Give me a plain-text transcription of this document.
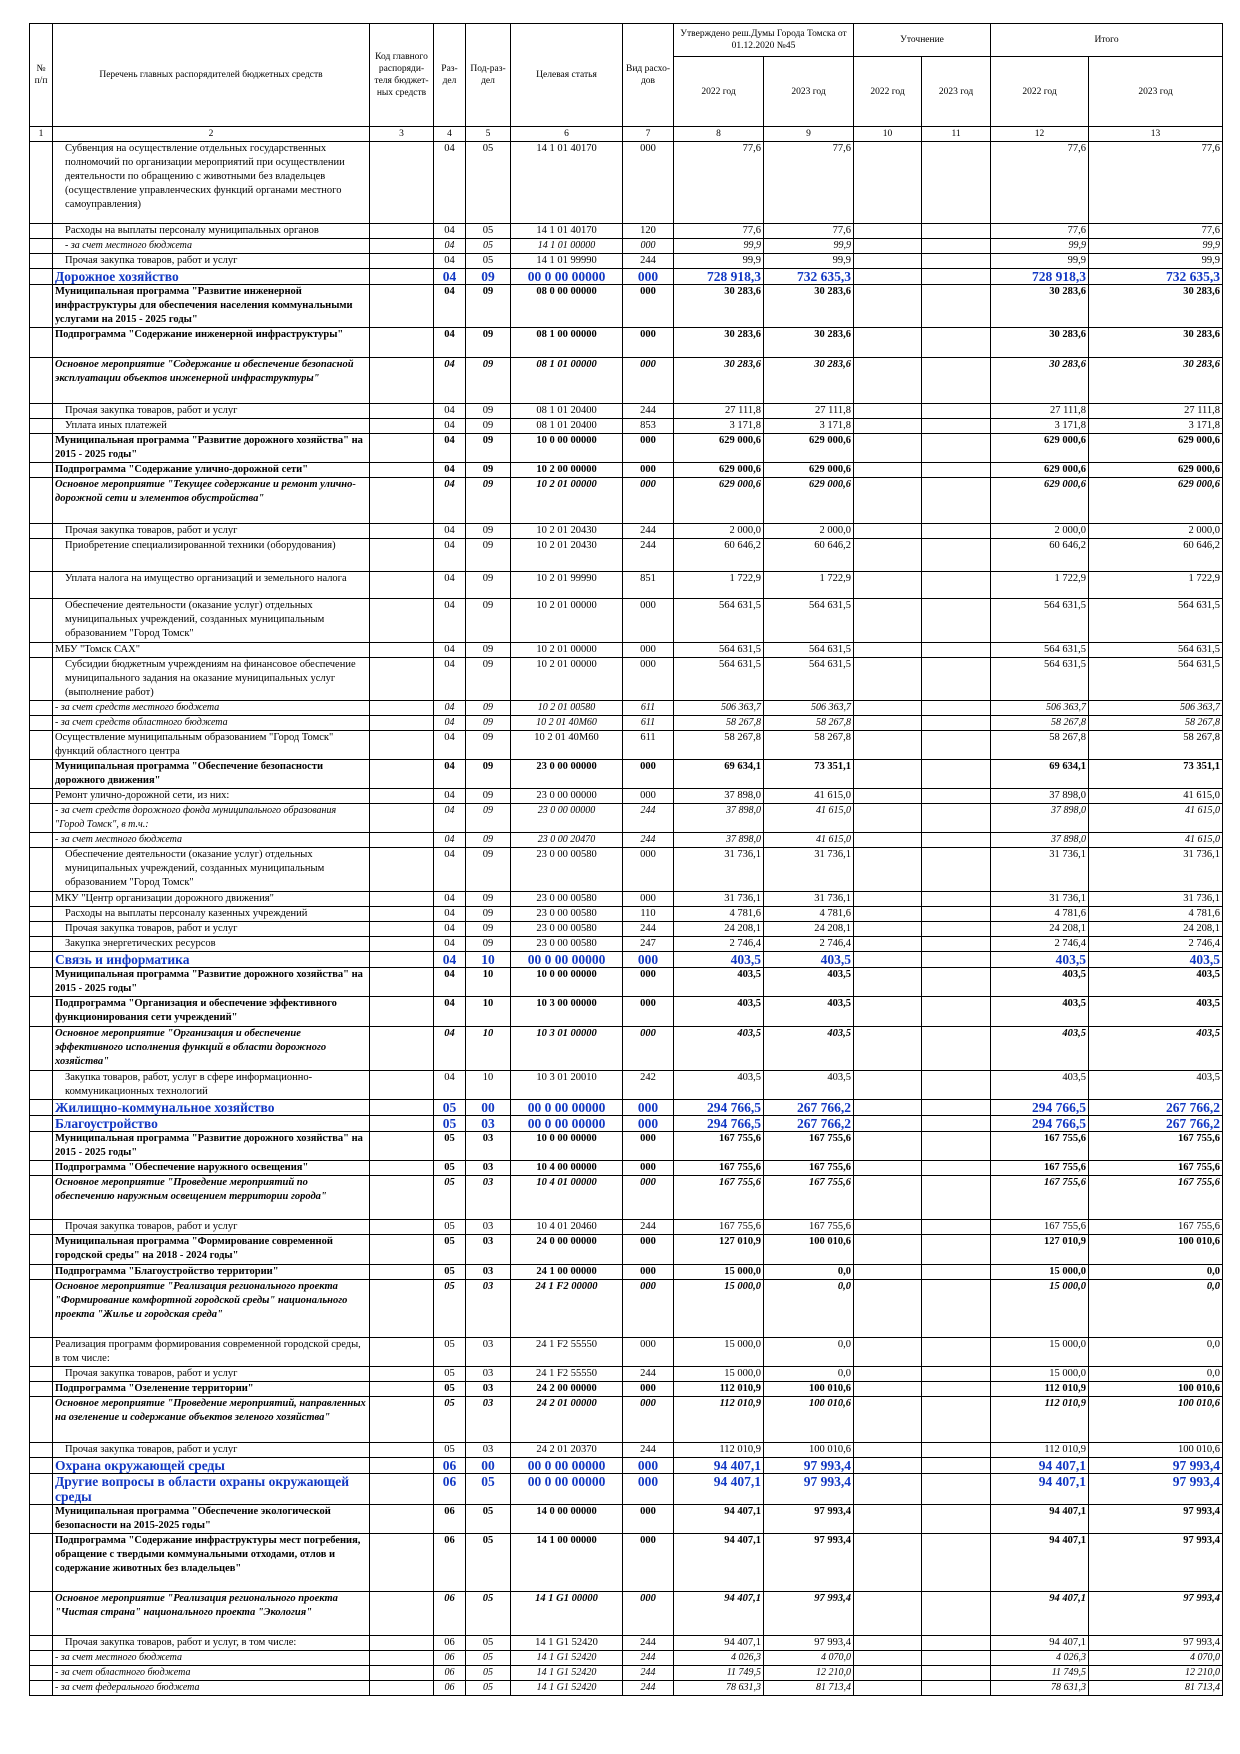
№ п/п	Перечень главных распорядителей бюджетных средств	Код главного распоряди-теля бюджет-ных средств	Раз-дел	Под-раз-дел	Целевая статья	Вид расхо-дов	Утверждено реш.Думы Города Томска от 01.12.2020 №45		Уточнение		Итого	
							2022 год	2023 год	2022 год	2023 год	2022 год	2023 год
1	2	3	4	5	6	7	8	9	10	11	12	13
	Субвенция на осуществление отдельных государственных полномочий по организации мероприятий при осуществлении деятельности по обращению с животными без владельцев (осуществление управленческих функций органами местного самоуправления)		04	05	14 1 01 40170	000	77,6	77,6			77,6	77,6
	Расходы на выплаты персоналу муниципальных органов		04	05	14 1 01 40170	120	77,6	77,6			77,6	77,6
	- за счет местного бюджета		04	05	14 1 01 00000	000	99,9	99,9			99,9	99,9
	Прочая закупка товаров, работ и услуг		04	05	14 1 01 99990	244	99,9	99,9			99,9	99,9
	Дорожное хозяйство		04	09	00 0 00 00000	000	728 918,3	732 635,3			728 918,3	732 635,3
	Муниципальная программа "Развитие инженерной инфраструктуры для обеспечения населения коммунальными услугами на 2015 - 2025 годы"		04	09	08 0 00 00000	000	30 283,6	30 283,6			30 283,6	30 283,6
	Подпрограмма "Содержание инженерной инфраструктуры"		04	09	08 1 00 00000	000	30 283,6	30 283,6			30 283,6	30 283,6
	Основное мероприятие "Содержание и обеспечение безопасной эксплуатации объектов инженерной инфраструктуры"		04	09	08 1 01 00000	000	30 283,6	30 283,6			30 283,6	30 283,6
	Прочая закупка товаров, работ и услуг		04	09	08 1 01 20400	244	27 111,8	27 111,8			27 111,8	27 111,8
	Уплата иных платежей		04	09	08 1 01 20400	853	3 171,8	3 171,8			3 171,8	3 171,8
	Муниципальная программа "Развитие дорожного хозяйства" на 2015 - 2025 годы"		04	09	10 0 00 00000	000	629 000,6	629 000,6			629 000,6	629 000,6
	Подпрограмма "Содержание улично-дорожной сети"		04	09	10 2 00 00000	000	629 000,6	629 000,6			629 000,6	629 000,6
	Основное мероприятие "Текущее содержание и ремонт улично-дорожной сети и элементов обустройства"		04	09	10 2 01 00000	000	629 000,6	629 000,6			629 000,6	629 000,6
	Прочая закупка товаров, работ и услуг		04	09	10 2 01 20430	244	2 000,0	2 000,0			2 000,0	2 000,0
	Приобретение специализированной техники (оборудования)		04	09	10 2 01 20430	244	60 646,2	60 646,2			60 646,2	60 646,2
	Уплата налога на имущество организаций и земельного налога		04	09	10 2 01 99990	851	1 722,9	1 722,9			1 722,9	1 722,9
	Обеспечение деятельности (оказание услуг) отдельных муниципальных учреждений, созданных муниципальным образованием "Город Томск"		04	09	10 2 01 00000	000	564 631,5	564 631,5			564 631,5	564 631,5
	МБУ "Томск САХ"		04	09	10 2 01 00000	000	564 631,5	564 631,5			564 631,5	564 631,5
	Субсидии бюджетным учреждениям на финансовое обеспечение муниципального задания на оказание муниципальных услуг (выполнение работ)		04	09	10 2 01 00000	000	564 631,5	564 631,5			564 631,5	564 631,5
	- за счет средств местного бюджета		04	09	10 2 01 00580	611	506 363,7	506 363,7			506 363,7	506 363,7
	- за счет средств областного бюджета		04	09	10 2 01 40М60	611	58 267,8	58 267,8			58 267,8	58 267,8
	Осуществление муниципальным образованием "Город Томск" функций областного центра		04	09	10 2 01 40М60	611	58 267,8	58 267,8			58 267,8	58 267,8
	Муниципальная программа "Обеспечение безопасности дорожного движения"		04	09	23 0 00 00000	000	69 634,1	73 351,1			69 634,1	73 351,1
	Ремонт улично-дорожной сети, из них:		04	09	23 0 00 00000	000	37 898,0	41 615,0			37 898,0	41 615,0
	- за счет средств дорожного фонда муниципального образования "Город Томск", в т.ч.:		04	09	23 0 00 00000	244	37 898,0	41 615,0			37 898,0	41 615,0
	- за счет местного бюджета		04	09	23 0 00 20470	244	37 898,0	41 615,0			37 898,0	41 615,0
	Обеспечение деятельности (оказание услуг) отдельных муниципальных учреждений, созданных муниципальным образованием "Город Томск"		04	09	23 0 00 00580	000	31 736,1	31 736,1			31 736,1	31 736,1
	МКУ "Центр организации дорожного движения"		04	09	23 0 00 00580	000	31 736,1	31 736,1			31 736,1	31 736,1
	Расходы на выплаты персоналу казенных учреждений		04	09	23 0 00 00580	110	4 781,6	4 781,6			4 781,6	4 781,6
	Прочая закупка товаров, работ и услуг		04	09	23 0 00 00580	244	24 208,1	24 208,1			24 208,1	24 208,1
	Закупка энергетических ресурсов		04	09	23 0 00 00580	247	2 746,4	2 746,4			2 746,4	2 746,4
	Связь и информатика		04	10	00 0 00 00000	000	403,5	403,5			403,5	403,5
	Муниципальная программа "Развитие дорожного хозяйства" на 2015 - 2025 годы"		04	10	10 0 00 00000	000	403,5	403,5			403,5	403,5
	Подпрограмма "Организация и обеспечение эффективного функционирования сети учреждений"		04	10	10 3 00 00000	000	403,5	403,5			403,5	403,5
	Основное мероприятие "Организация и обеспечение эффективного исполнения функций в области дорожного хозяйства"		04	10	10 3 01 00000	000	403,5	403,5			403,5	403,5
	Закупка товаров, работ, услуг в сфере информационно-коммуникационных технологий		04	10	10 3 01 20010	242	403,5	403,5			403,5	403,5
	Жилищно-коммунальное хозяйство		05	00	00 0 00 00000	000	294 766,5	267 766,2			294 766,5	267 766,2
	Благоустройство		05	03	00 0 00 00000	000	294 766,5	267 766,2			294 766,5	267 766,2
	Муниципальная программа "Развитие дорожного хозяйства" на 2015 - 2025 годы"		05	03	10 0 00 00000	000	167 755,6	167 755,6			167 755,6	167 755,6
	Подпрограмма "Обеспечение наружного освещения"		05	03	10 4 00 00000	000	167 755,6	167 755,6			167 755,6	167 755,6
	Основное мероприятие "Проведение мероприятий по обеспечению наружным освещением территории города"		05	03	10 4 01 00000	000	167 755,6	167 755,6			167 755,6	167 755,6
	Прочая закупка товаров, работ и услуг		05	03	10 4 01 20460	244	167 755,6	167 755,6			167 755,6	167 755,6
	Муниципальная программа "Формирование современной городской среды" на 2018 - 2024 годы"		05	03	24 0 00 00000	000	127 010,9	100 010,6			127 010,9	100 010,6
	Подпрограмма "Благоустройство территории"		05	03	24 1 00 00000	000	15 000,0	0,0			15 000,0	0,0
	Основное мероприятие "Реализация регионального проекта "Формирование комфортной городской среды" национального проекта "Жилье и городская среда"		05	03	24 1 F2 00000	000	15 000,0	0,0			15 000,0	0,0
	Реализация программ формирования современной городской среды, в том числе:		05	03	24 1 F2 55550	000	15 000,0	0,0			15 000,0	0,0
	Прочая закупка товаров, работ и услуг		05	03	24 1 F2 55550	244	15 000,0	0,0			15 000,0	0,0
	Подпрограмма "Озеленение территории"		05	03	24 2 00 00000	000	112 010,9	100 010,6			112 010,9	100 010,6
	Основное мероприятие "Проведение мероприятий, направленных на озеленение и содержание объектов зеленого хозяйства"		05	03	24 2 01 00000	000	112 010,9	100 010,6			112 010,9	100 010,6
	Прочая закупка товаров, работ и услуг		05	03	24 2 01 20370	244	112 010,9	100 010,6			112 010,9	100 010,6
	Охрана окружающей среды		06	00	00 0 00 00000	000	94 407,1	97 993,4			94 407,1	97 993,4
	Другие вопросы в области охраны окружающей среды		06	05	00 0 00 00000	000	94 407,1	97 993,4			94 407,1	97 993,4
	Муниципальная программа "Обеспечение экологической безопасности на 2015-2025 годы"		06	05	14 0 00 00000	000	94 407,1	97 993,4			94 407,1	97 993,4
	Подпрограмма "Содержание инфраструктуры мест погребения, обращение с твердыми коммунальными отходами, отлов и содержание животных без владельцев"		06	05	14 1 00 00000	000	94 407,1	97 993,4			94 407,1	97 993,4
	Основное мероприятие "Реализация регионального проекта "Чистая страна" национального проекта "Экология"		06	05	14 1 G1 00000	000	94 407,1	97 993,4			94 407,1	97 993,4
	Прочая закупка товаров, работ и услуг, в том числе:		06	05	14 1 G1 52420	244	94 407,1	97 993,4			94 407,1	97 993,4
	- за счет местного бюджета		06	05	14 1 G1 52420	244	4 026,3	4 070,0			4 026,3	4 070,0
	- за счет областного бюджета		06	05	14 1 G1 52420	244	11 749,5	12 210,0			11 749,5	12 210,0
	- за счет федерального бюджета		06	05	14 1 G1 52420	244	78 631,3	81 713,4			78 631,3	81 713,4
